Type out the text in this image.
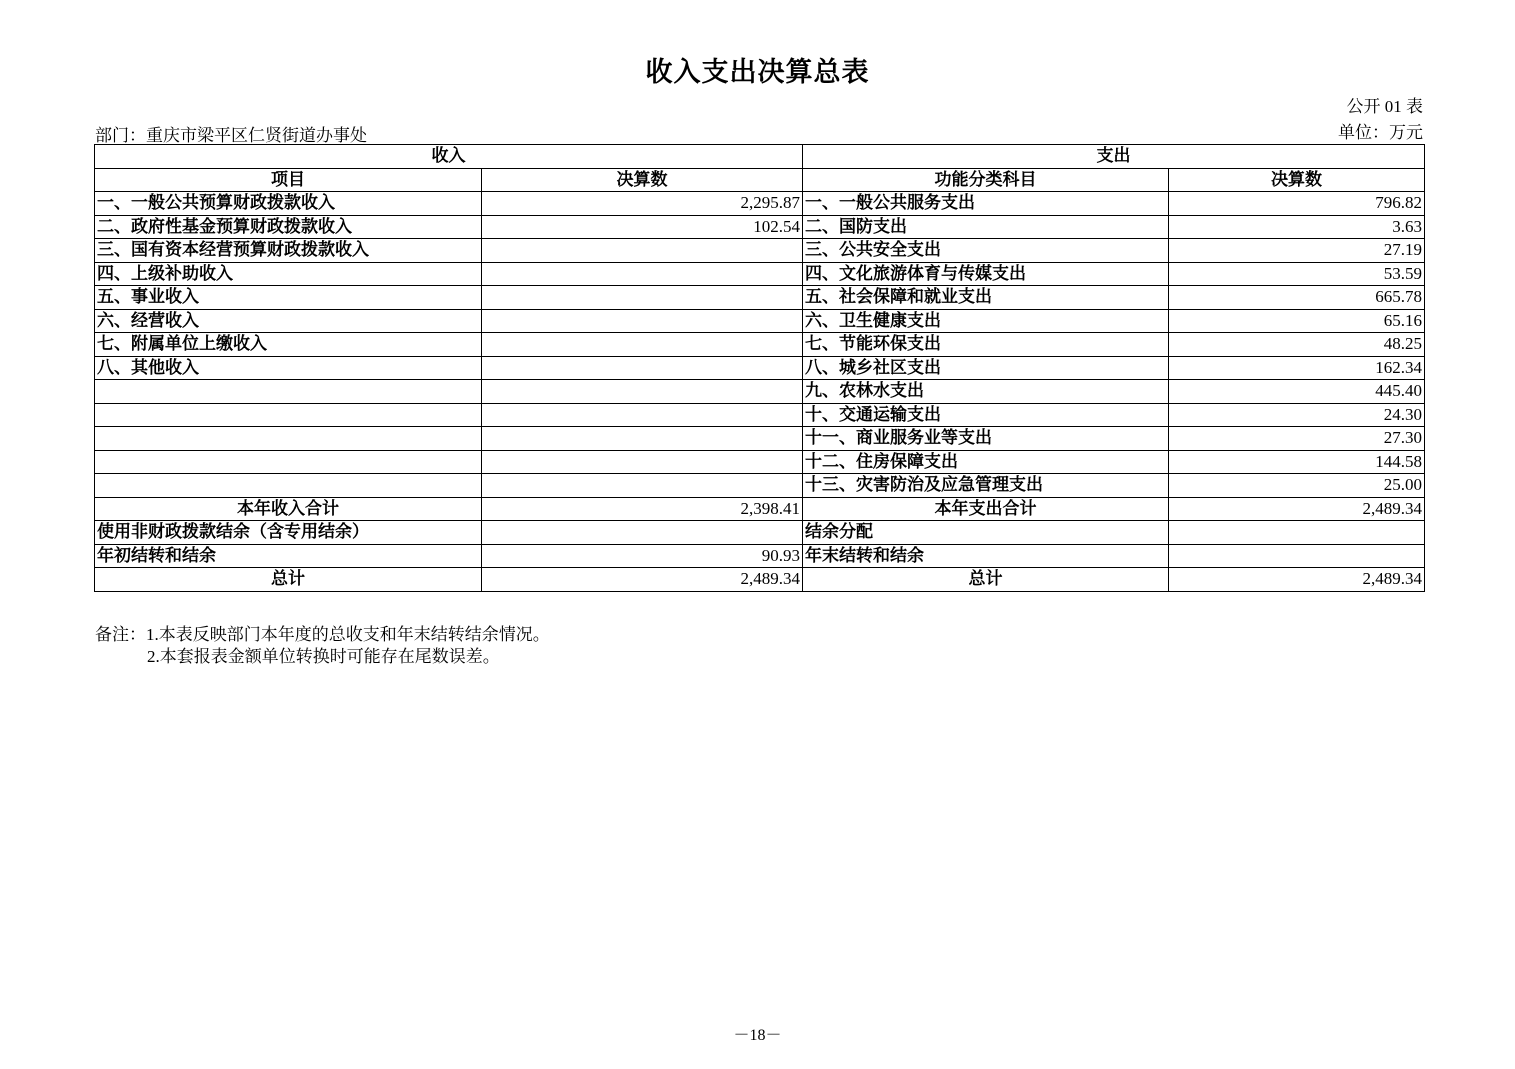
收入支出决算总表
公开 01 表
部门：重庆市梁平区仁贤街道办事处	单位：万元
收入		支出	
项目	决算数	功能分类科目	决算数
一、一般公共预算财政拨款收入	2,295.87	一、一般公共服务支出	796.82
二、政府性基金预算财政拨款收入	102.54	二、国防支出	3.63
三、国有资本经营预算财政拨款收入		三、公共安全支出	27.19
四、上级补助收入		四、文化旅游体育与传媒支出	53.59
五、事业收入		五、社会保障和就业支出	665.78
六、经营收入		六、卫生健康支出	65.16
七、附属单位上缴收入		七、节能环保支出	48.25
八、其他收入		八、城乡社区支出	162.34
		九、农林水支出	445.40
		十、交通运输支出	24.30
		十一、商业服务业等支出	27.30
		十二、住房保障支出	144.58
		十三、灾害防治及应急管理支出	25.00
本年收入合计	2,398.41	本年支出合计	2,489.34
使用非财政拨款结余（含专用结余）		结余分配	
年初结转和结余	90.93	年末结转和结余	
总计	2,489.34	总计	2,489.34
备注：1.本表反映部门本年度的总收支和年末结转结余情况。
2.本套报表金额单位转换时可能存在尾数误差。
－18－
